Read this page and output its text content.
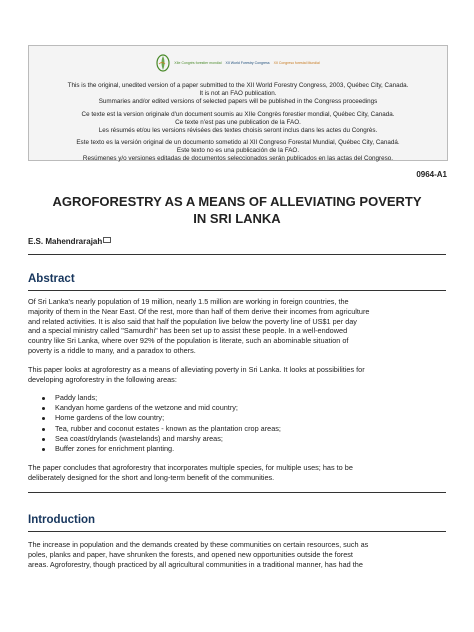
XIIe Congrès forestier mondial XII World Forestry Congress XII Congreso forestal Mundial
This is the original, unedited version of a paper submitted to the XII World Forestry Congress, 2003, Québec City, Canada.
It is not an FAO publication.
Summaries and/or edited versions of selected papers will be published in the Congress proceedings
Ce texte est la version originale d'un document soumis au XIIe Congrès forestier mondial, Québec City, Canada.
Ce texte n'est pas une publication de la FAO.
Les résumés et/ou les versions révisées des textes choisis seront inclus dans les actes du Congrès.
Este texto es la versión original de un documento sometido al XII Congreso Forestal Mundial, Québec City, Canadá.
Este texto no es una publicación de la FAO.
Resúmenes y/o versiones editadas de documentos seleccionados serán publicados en las actas del Congreso.
0964-A1
AGROFORESTRY AS A MEANS OF ALLEVIATING POVERTY
IN SRI LANKA
E.S. Mahendrarajah
Abstract
Of Sri Lanka's nearly population of 19 million, nearly 1.5 million are working in foreign countries, the
majority of them in the Near East. Of the rest, more than half of them derive their incomes from agriculture
and related activities. It is also said that half the population live below the poverty line of US$1 per day
and a special ministry called "Samurdhi" has been set up to assist these people. In a well-endowed
country like Sri Lanka, where over 92% of the population is literate, such an abominable situation of
poverty is a riddle to many, and a paradox to others.
This paper looks at agroforestry as a means of alleviating poverty in Sri Lanka. It looks at possibilities for
developing agroforestry in the following areas:
Paddy lands;
Kandyan home gardens of the wetzone and mid country;
Home gardens of the low country;
Tea, rubber and coconut estates - known as the plantation crop areas;
Sea coast/drylands (wastelands) and marshy areas;
Buffer zones for enrichment planting.
The paper concludes that agroforestry that incorporates multiple species, for multiple uses; has to be
deliberately designed for the short and long-term benefit of the communities.
Introduction
The increase in population and the demands created by these communities on certain resources, such as
poles, planks and paper, have shrunken the forests, and opened new opportunities outside the forest
areas. Agroforestry, though practiced by all agricultural communities in a traditional manner, has had the
